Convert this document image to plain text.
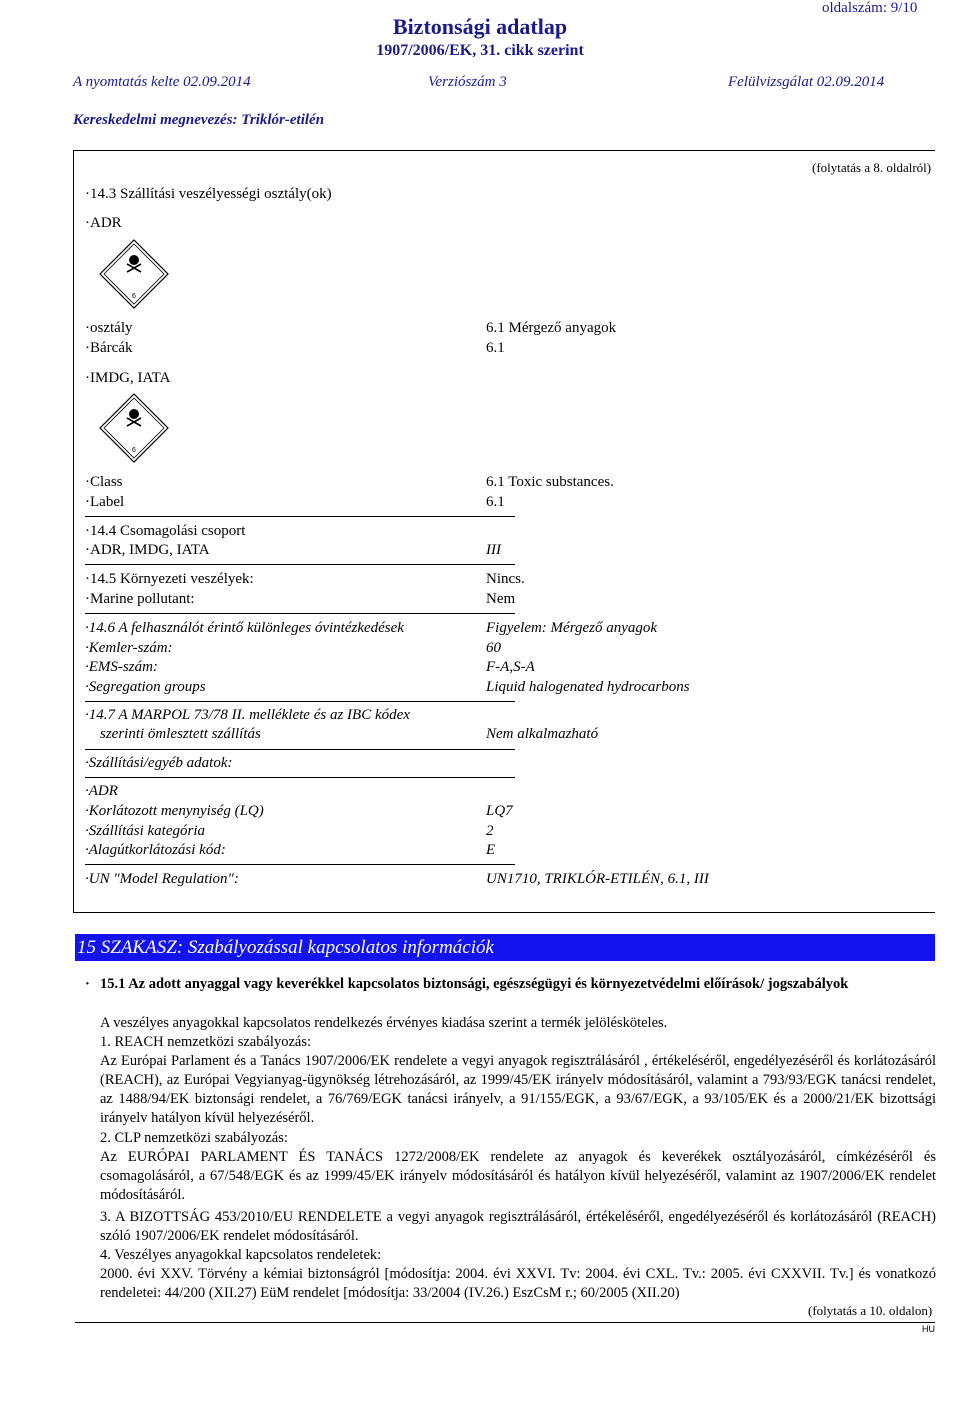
oldalszám: 9/10
Biztonsági adatlap
1907/2006/EK, 31. cikk szerint
A nyomtatás kelte 02.09.2014	Verziószám 3	Felülvizsgálat 02.09.2014
Kereskedelmi megnevezés: Triklór-etilén
(folytatás a 8. oldalról)
· 14.3 Szállítási veszélyességi osztály(ok)
· ADR
6
· osztály	6.1 Mérgező anyagok
· Bárcák	6.1
· IMDG, IATA
6
· Class	6.1 Toxic substances.
· Label	6.1
· 14.4 Csomagolási csoport
· ADR, IMDG, IATA	III
· 14.5 Környezeti veszélyek:	Nincs.
· Marine pollutant:	Nem
· 14.6 A felhasználót érintő különleges óvintézkedések	Figyelem: Mérgező anyagok
· Kemler-szám:	60
· EMS-szám:	F-A,S-A
· Segregation groups	Liquid halogenated hydrocarbons
· 14.7 A MARPOL 73/78 II. melléklete és az IBC kódex
szerinti ömlesztett szállítás	Nem alkalmazható
· Szállítási/egyéb adatok:
· ADR
· Korlátozott menynyiség (LQ)	LQ7
· Szállítási kategória	2
· Alagútkorlátozási kód:	E
· UN "Model Regulation":	UN1710, TRIKLÓR-ETILÉN, 6.1, III
15 SZAKASZ: Szabályozással kapcsolatos információk
·
15.1 Az adott anyaggal vagy keverékkel kapcsolatos biztonsági, egészségügyi és környezetvédelmi előírások/ jogszabályok
A veszélyes anyagokkal kapcsolatos rendelkezés érvényes kiadása szerint a termék jelölésköteles.
1. REACH nemzetközi szabályozás:
Az Európai Parlament és a Tanács 1907/2006/EK rendelete a vegyi anyagok regisztrálásáról , értékeléséről, engedélyezéséről és korlátozásáról (REACH), az Európai Vegyianyag-ügynökség létrehozásáról, az 1999/45/EK irányelv módosításáról, valamint a 793/93/EGK tanácsi rendelet, az 1488/94/EK biztonsági rendelet, a 76/769/EGK tanácsi irányelv, a 91/155/EGK, a 93/67/EGK, a 93/105/EK és a 2000/21/EK bizottsági irányelv hatályon kívül helyezéséről.
2. CLP nemzetközi szabályozás:
Az EURÓPAI PARLAMENT ÉS TANÁCS 1272/2008/EK rendelete az anyagok és keverékek osztályozásáról, címkézéséről és csomagolásáról, a 67/548/EGK és az 1999/45/EK irányelv módosításáról és hatályon kívül helyezéséről, valamint az 1907/2006/EK rendelet módosításáról.
3. A BIZOTTSÁG 453/2010/EU RENDELETE a vegyi anyagok regisztrálásáról, értékeléséről, engedélyezéséről és korlátozásáról (REACH) szóló 1907/2006/EK rendelet módosításáról.
4. Veszélyes anyagokkal kapcsolatos rendeletek:
2000. évi XXV. Törvény a kémiai biztonságról [módosítja: 2004. évi XXVI. Tv: 2004. évi CXL. Tv.: 2005. évi CXXVII. Tv.] és vonatkozó rendeletei: 44/200 (XII.27) EüM rendelet [módosítja: 33/2004 (IV.26.) EszCsM r.; 60/2005 (XII.20)
(folytatás a 10. oldalon)
HU
